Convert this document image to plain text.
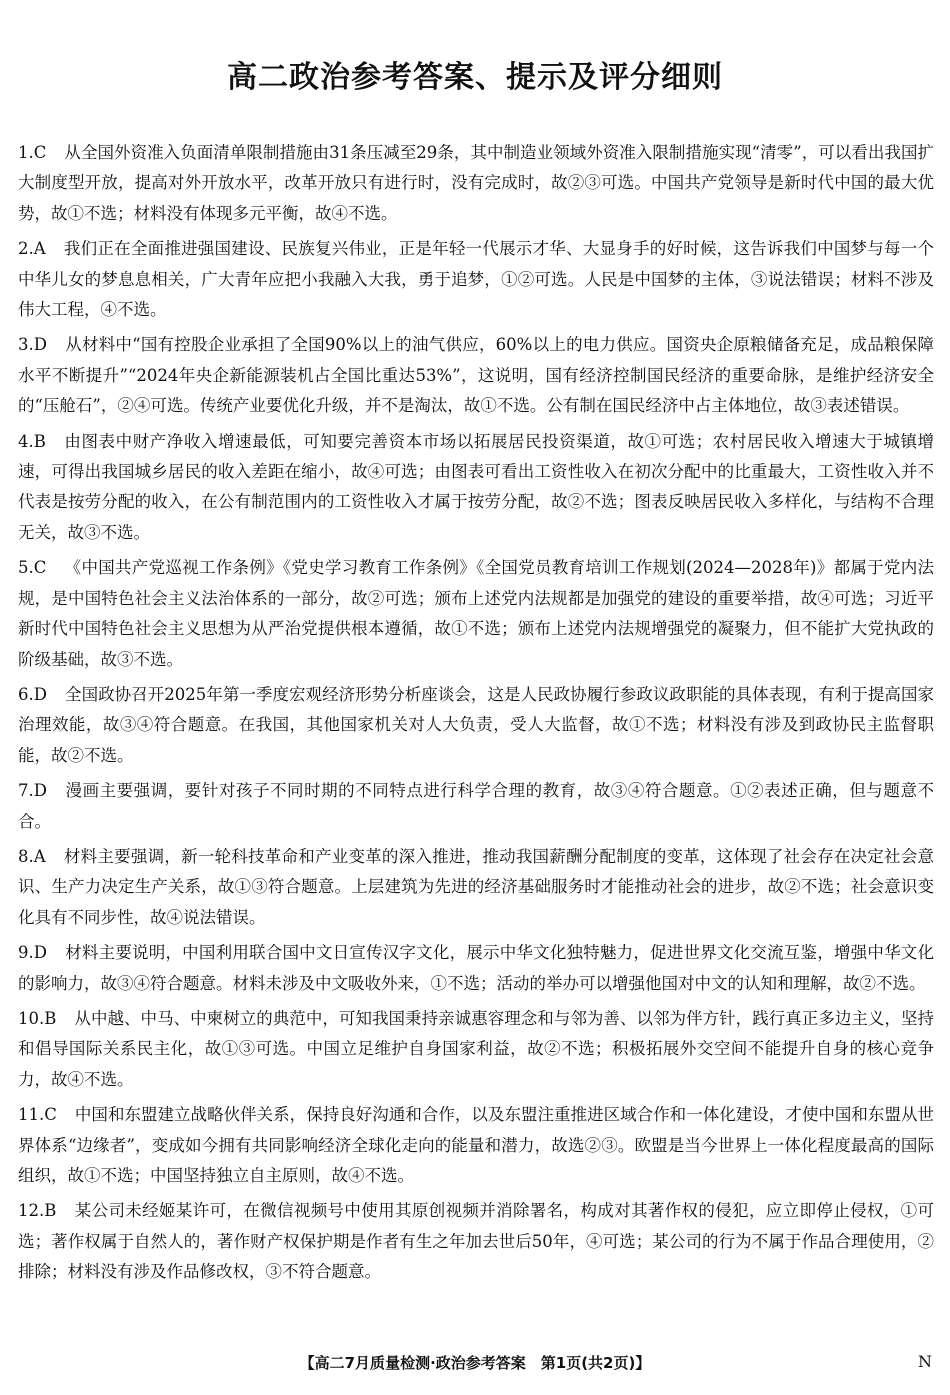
高二政治参考答案、提示及评分细则
1.C 从全国外资准入负面清单限制措施由31条压减至29条，其中制造业领域外资准入限制措施实现“清零”，可以看出我国扩大制度型开放，提高对外开放水平，改革开放只有进行时，没有完成时，故②③可选。中国共产党领导是新时代中国的最大优势，故①不选；材料没有体现多元平衡，故④不选。
2.A 我们正在全面推进强国建设、民族复兴伟业，正是年轻一代展示才华、大显身手的好时候，这告诉我们中国梦与每一个中华儿女的梦息息相关，广大青年应把小我融入大我，勇于追梦，①②可选。人民是中国梦的主体，③说法错误；材料不涉及伟大工程，④不选。
3.D 从材料中“国有控股企业承担了全国90%以上的油气供应，60%以上的电力供应。国资央企原粮储备充足，成品粮保障水平不断提升”“2024年央企新能源装机占全国比重达53%”，这说明，国有经济控制国民经济的重要命脉，是维护经济安全的“压舱石”，②④可选。传统产业要优化升级，并不是淘汰，故①不选。公有制在国民经济中占主体地位，故③表述错误。
4.B 由图表中财产净收入增速最低，可知要完善资本市场以拓展居民投资渠道，故①可选；农村居民收入增速大于城镇增速，可得出我国城乡居民的收入差距在缩小，故④可选；由图表可看出工资性收入在初次分配中的比重最大，工资性收入并不代表是按劳分配的收入，在公有制范围内的工资性收入才属于按劳分配，故②不选；图表反映居民收入多样化，与结构不合理无关，故③不选。
5.C 《中国共产党巡视工作条例》《党史学习教育工作条例》《全国党员教育培训工作规划(2024—2028年)》都属于党内法规，是中国特色社会主义法治体系的一部分，故②可选；颁布上述党内法规都是加强党的建设的重要举措，故④可选；习近平新时代中国特色社会主义思想为从严治党提供根本遵循，故①不选；颁布上述党内法规增强党的凝聚力，但不能扩大党执政的阶级基础，故③不选。
6.D 全国政协召开2025年第一季度宏观经济形势分析座谈会，这是人民政协履行参政议政职能的具体表现，有利于提高国家治理效能，故③④符合题意。在我国，其他国家机关对人大负责，受人大监督，故①不选；材料没有涉及到政协民主监督职能，故②不选。
7.D 漫画主要强调，要针对孩子不同时期的不同特点进行科学合理的教育，故③④符合题意。①②表述正确，但与题意不合。
8.A 材料主要强调，新一轮科技革命和产业变革的深入推进，推动我国薪酬分配制度的变革，这体现了社会存在决定社会意识、生产力决定生产关系，故①③符合题意。上层建筑为先进的经济基础服务时才能推动社会的进步，故②不选；社会意识变化具有不同步性，故④说法错误。
9.D 材料主要说明，中国利用联合国中文日宣传汉字文化，展示中华文化独特魅力，促进世界文化交流互鉴，增强中华文化的影响力，故③④符合题意。材料未涉及中文吸收外来，①不选；活动的举办可以增强他国对中文的认知和理解，故②不选。
10.B 从中越、中马、中柬树立的典范中，可知我国秉持亲诚惠容理念和与邻为善、以邻为伴方针，践行真正多边主义，坚持和倡导国际关系民主化，故①③可选。中国立足维护自身国家利益，故②不选；积极拓展外交空间不能提升自身的核心竞争力，故④不选。
11.C 中国和东盟建立战略伙伴关系，保持良好沟通和合作，以及东盟注重推进区域合作和一体化建设，才使中国和东盟从世界体系“边缘者”，变成如今拥有共同影响经济全球化走向的能量和潜力，故选②③。欧盟是当今世界上一体化程度最高的国际组织，故①不选；中国坚持独立自主原则，故④不选。
12.B 某公司未经姬某许可，在微信视频号中使用其原创视频并消除署名，构成对其著作权的侵犯，应立即停止侵权，①可选；著作权属于自然人的，著作财产权保护期是作者有生之年加去世后50年，④可选；某公司的行为不属于作品合理使用，②排除；材料没有涉及作品修改权，③不符合题意。
【高二7月质量检测·政治参考答案　第1页(共2页)】	N
